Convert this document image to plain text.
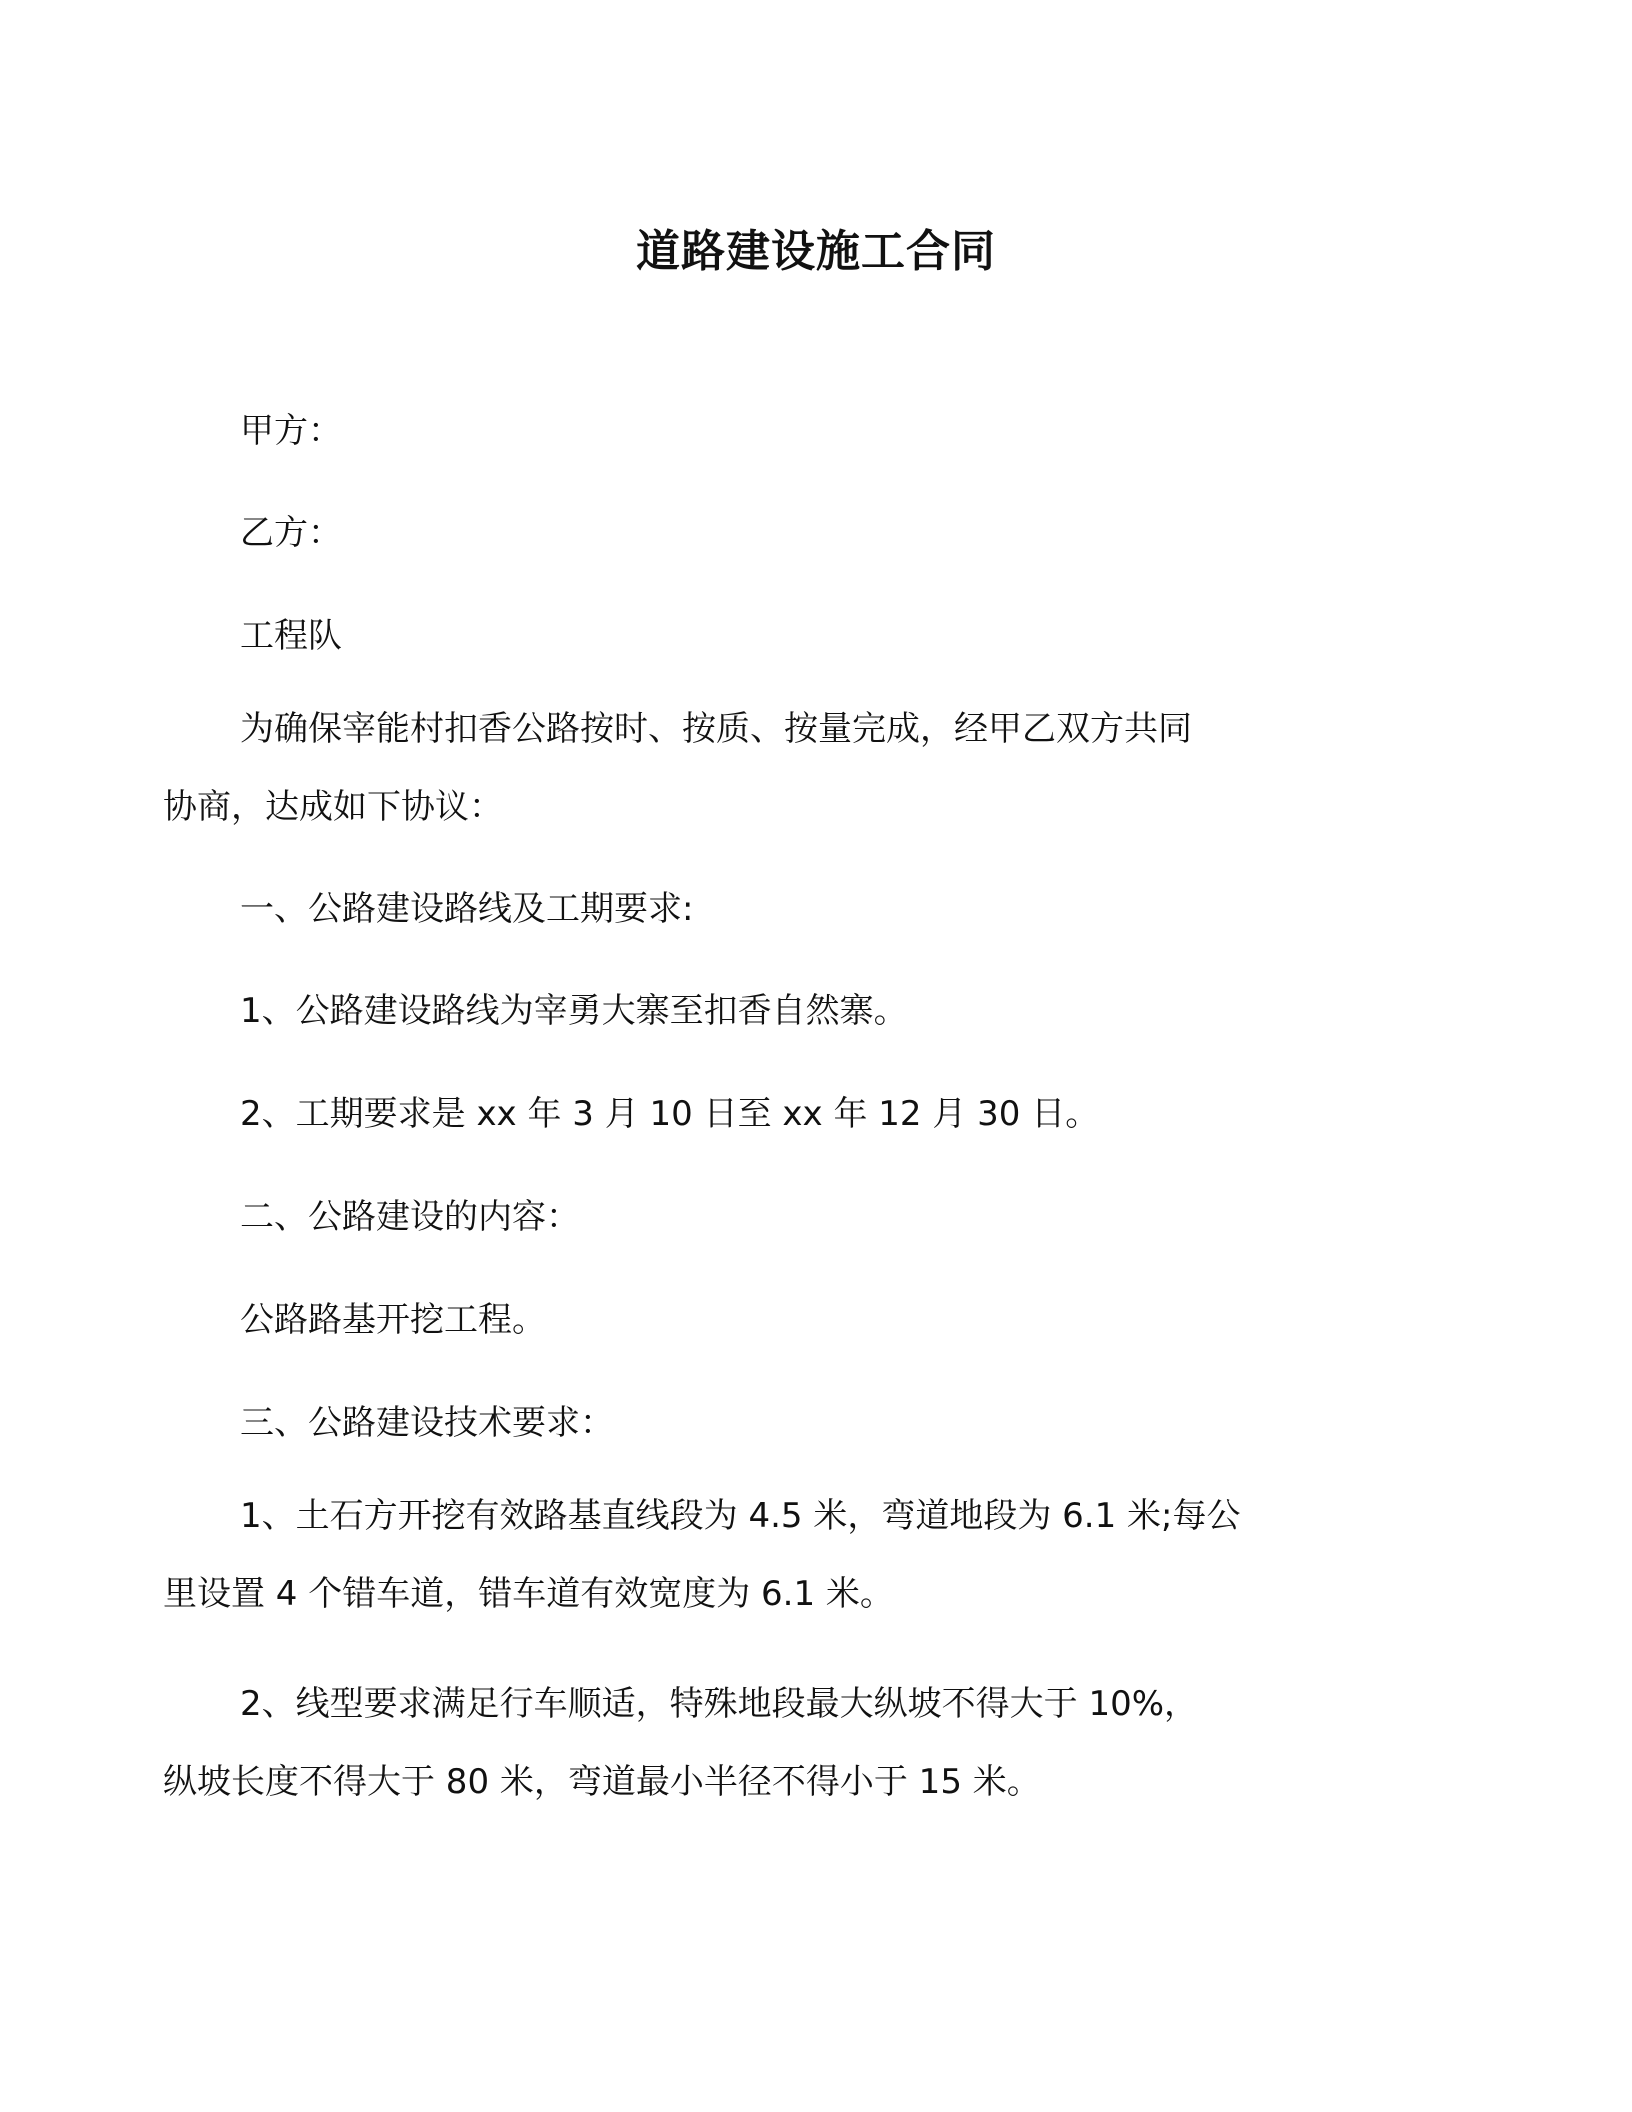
道路建设施工合同

甲方：

乙方：

工程队

为确保宰能村扣香公路按时、按质、按量完成，经甲乙双方共同
协商，达成如下协议：

一、公路建设路线及工期要求:

1、公路建设路线为宰勇大寨至扣香自然寨。

2、工期要求是 xx 年 3 月 10 日至 xx 年 12 月 30 日。

二、公路建设的内容：

公路路基开挖工程。

三、公路建设技术要求：

1、土石方开挖有效路基直线段为 4.5 米，弯道地段为 6.1 米;每公
里设置 4 个错车道，错车道有效宽度为 6.1 米。
2、线型要求满足行车顺适，特殊地段最大纵坡不得大于 10%，
纵坡长度不得大于 80 米，弯道最小半径不得小于 15 米。
